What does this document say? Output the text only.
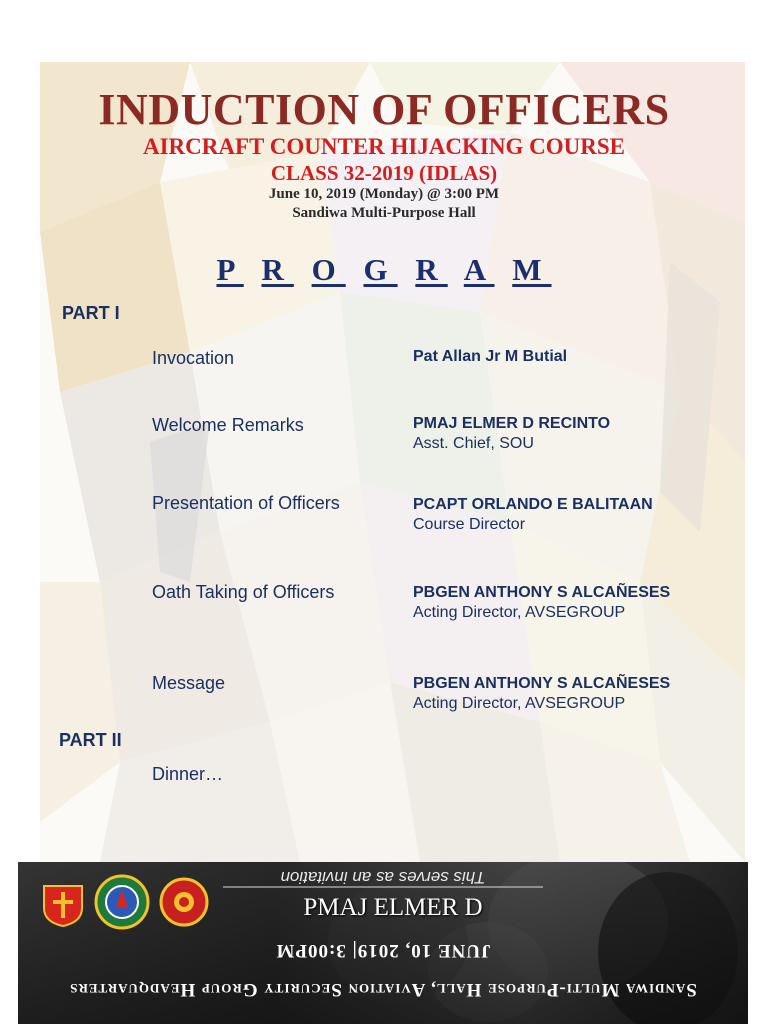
INDUCTION OF OFFICERS
AIRCRAFT COUNTER HIJACKING COURSE
CLASS 32-2019 (IDLAS)
June 10, 2019 (Monday) @ 3:00 PM
Sandiwa Multi-Purpose Hall
P R O G R A M
PART I
Invocation	Pat Allan Jr M Butial
Welcome Remarks	PMAJ ELMER D RECINTO
Asst. Chief, SOU
Presentation of Officers	PCAPT ORLANDO E BALITAAN
Course Director
Oath Taking of Officers	PBGEN ANTHONY S ALCAÑESES
Acting Director, AVSEGROUP
Message	PBGEN ANTHONY S ALCAÑESES
Acting Director, AVSEGROUP
PART II
Dinner…
This serves as an invitation
PMAJ ELMER D
JUNE 10, 2019| 3:00PM
Sandiwa Multi-Purpose Hall, Aviation Security Group Headquarters
